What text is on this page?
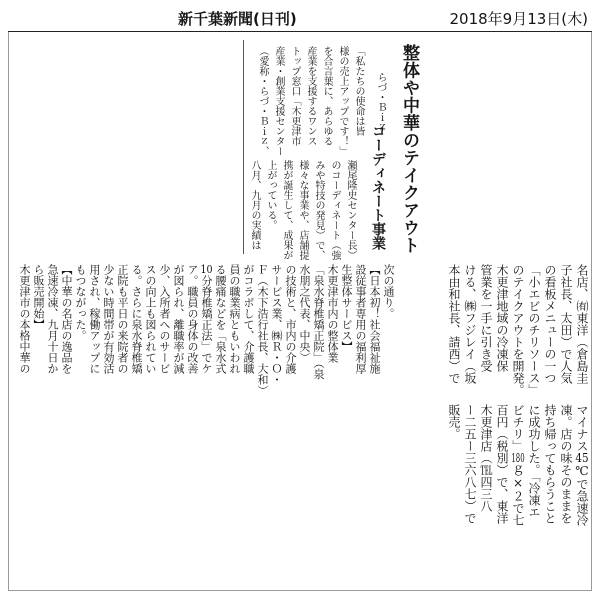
新千葉新聞(日刊)	2018年9月13日(木)
整体や中華のテイクアウト
らづ・Ｂｉｚ
コーディネート事業
「私たちの使命は皆
様の売上アップです！」
を合言葉に、あらゆる
産業を支援するワンス
トップ窓口「木更津市
産業・創業支援センター
（愛称・らづ・Ｂｉｚ、
瀬尾隆史センター長）
のコーディネート（強
みや特技の発見）で、
様々な事業や、店舗提
携が誕生して、成果が
上がっている。
八月、九月の実績は
次の通り。
【日本初！社会福祉施
設従事者専用の福利厚
生整体サービス】
木更津市内の整体業
「泉水脊椎矯正院」（泉
水朋之代表、中央）
の技術と、市内の介護
サービス業、㈱Ｒ・Ｏ・
Ｆ（木下浩行社長、大和）
がコラボして、介護職
員の職業病ともいわれ
る腰痛などを「泉水式
10分脊椎矯正法」でケ
ア。職員の身体の改善
が図られ、離職率が減
少、入所者へのサービ
スの向上も図られてい
る。さらに泉水脊椎矯
正院も平日の来院者の
少ない時間帯が有効活
用され、稼働アップに
もつながった。
【中華の名店の逸品を
急速冷凍、九月十日か
ら販売開始】
木更津市の本格中華の	名店、㈲東洋（倉島圭
子社長、太田）で人気
の看板メニューの一つ
「小エビのチリソース」
のテイクアウトを開発。
木更津地域の冷凍保
管業を一手に引き受
ける、㈱フジレイ（坂
本由和社長、請西）で
マイナス45℃で急速冷
凍。店の味そのままを
持ち帰ってもらうこと
に成功した。「冷凍エ
ビチリ」180ｇ×２で七
百円（税別）で、東洋
木更津店（℡四三八
ー二五ー三六八七）で
販売。
